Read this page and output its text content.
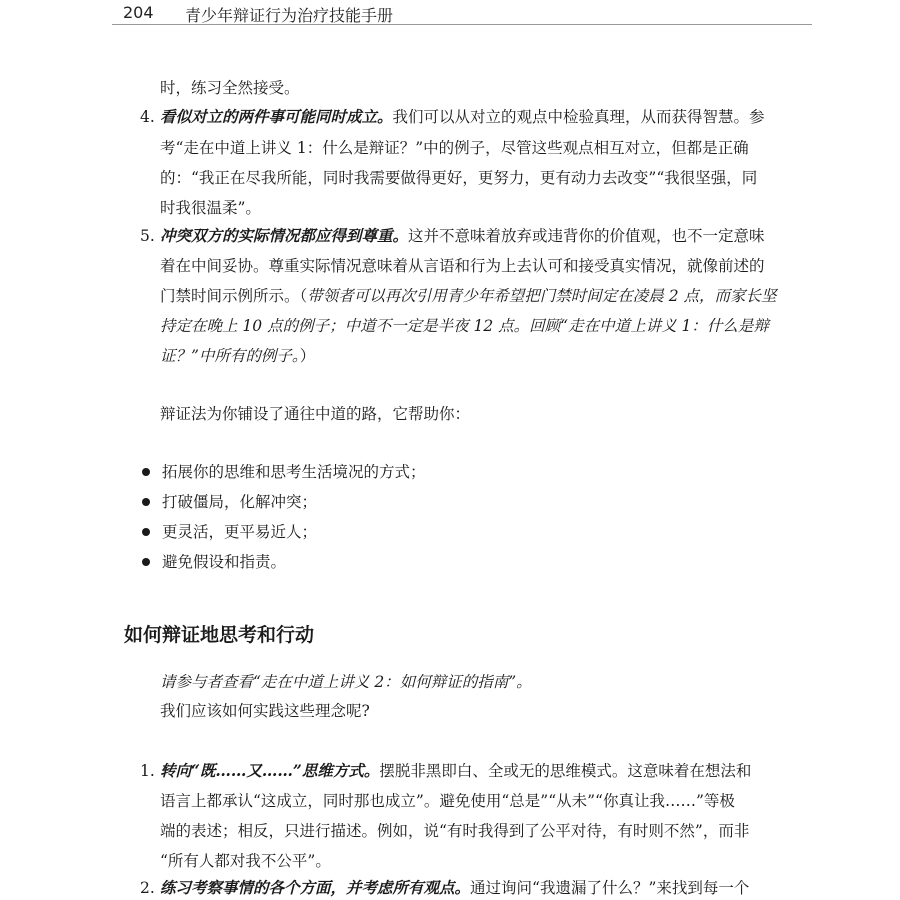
204 青少年辩证行为治疗技能手册
时，练习全然接受。
4. 看似对立的两件事可能同时成立。我们可以从对立的观点中检验真理，从而获得智慧。参
考“走在中道上讲义 1：什么是辩证？”中的例子，尽管这些观点相互对立，但都是正确
的：“我正在尽我所能，同时我需要做得更好，更努力，更有动力去改变”“我很坚强，同
时我很温柔”。
5. 冲突双方的实际情况都应得到尊重。这并不意味着放弃或违背你的价值观，也不一定意味
着在中间妥协。尊重实际情况意味着从言语和行为上去认可和接受真实情况，就像前述的
门禁时间示例所示。（带领者可以再次引用青少年希望把门禁时间定在凌晨 2 点，而家长坚
持定在晚上 10 点的例子；中道不一定是半夜 12 点。回顾“走在中道上讲义 1：什么是辩
证？”中所有的例子。）
辩证法为你铺设了通往中道的路，它帮助你：
拓展你的思维和思考生活境况的方式；
打破僵局，化解冲突；
更灵活，更平易近人；
避免假设和指责。
如何辩证地思考和行动
请参与者查看“走在中道上讲义 2：如何辩证的指南”。
我们应该如何实践这些理念呢?
1. 转向“既……又……”思维方式。摆脱非黑即白、全或无的思维模式。这意味着在想法和
语言上都承认“这成立，同时那也成立”。避免使用“总是”“从未”“你真让我……”等极
端的表述；相反，只进行描述。例如，说“有时我得到了公平对待，有时则不然”，而非
“所有人都对我不公平”。
2. 练习考察事情的各个方面，并考虑所有观点。通过询问“我遗漏了什么？”来找到每一个
